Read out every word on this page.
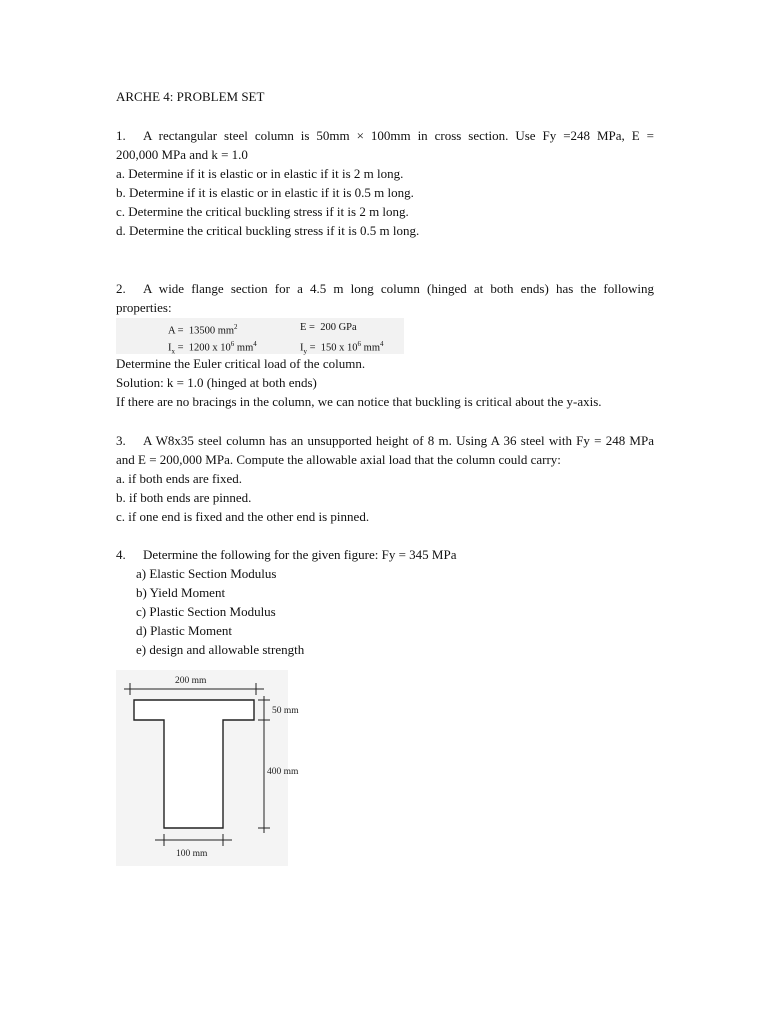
ARCHE 4: PROBLEM SET
1. A rectangular steel column is 50mm × 100mm in cross section. Use Fy =248 MPa, E =
200,000 MPa and k = 1.0
a. Determine if it is elastic or in elastic if it is 2 m long.
b. Determine if it is elastic or in elastic if it is 0.5 m long.
c. Determine the critical buckling stress if it is 2 m long.
d. Determine the critical buckling stress if it is 0.5 m long.
2. A wide flange section for a 4.5 m long column (hinged at both ends) has the following
properties:
A = 13500 $mm^2$	E = 200 GPa
$I_x = 1200$ x $10^6$ $mm^4$	$I_y = 150$ x $10^6$ $mm^4$
Determine the Euler critical load of the column.
Solution: k = 1.0 (hinged at both ends)
If there are no bracings in the column, we can notice that buckling is critical about the y-axis.
3. A W8x35 steel column has an unsupported height of 8 m. Using A 36 steel with Fy = 248 MPa
and E = 200,000 MPa. Compute the allowable axial load that the column could carry:
a. if both ends are fixed.
b. if both ends are pinned.
c. if one end is fixed and the other end is pinned.
4. Determine the following for the given figure: Fy = 345 MPa
a) Elastic Section Modulus
b) Yield Moment
c) Plastic Section Modulus
d) Plastic Moment
e) design and allowable strength
200 mm
50 mm
400 mm
100 mm
